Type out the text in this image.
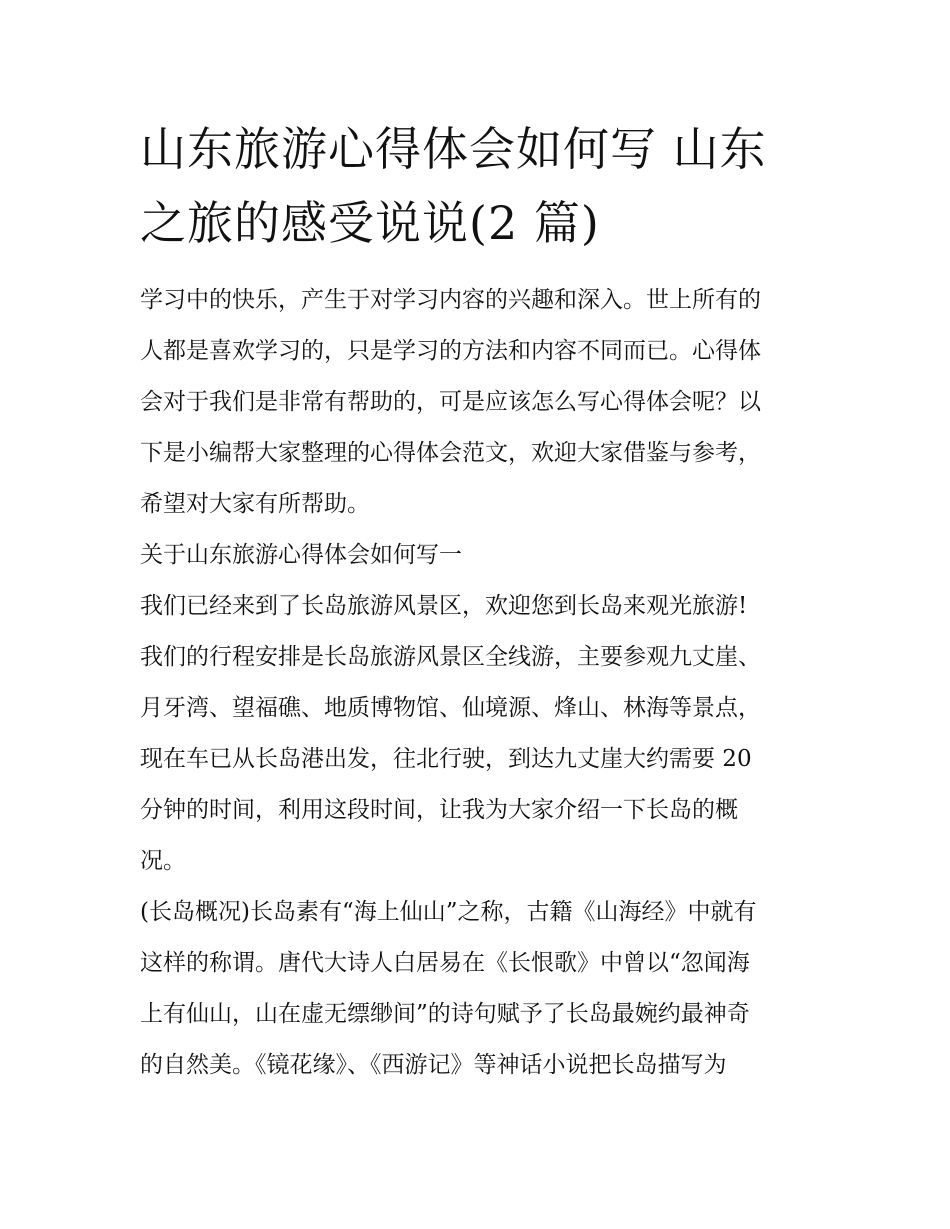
山东旅游心得体会如何写 山东
之旅的感受说说(2 篇)
学习中的快乐，产生于对学习内容的兴趣和深入。世上所有的
人都是喜欢学习的，只是学习的方法和内容不同而已。心得体
会对于我们是非常有帮助的，可是应该怎么写心得体会呢？以
下是小编帮大家整理的心得体会范文，欢迎大家借鉴与参考，
希望对大家有所帮助。
关于山东旅游心得体会如何写一
我们已经来到了长岛旅游风景区，欢迎您到长岛来观光旅游!
我们的行程安排是长岛旅游风景区全线游，主要参观九丈崖、
月牙湾、望福礁、地质博物馆、仙境源、烽山、林海等景点，
现在车已从长岛港出发，往北行驶，到达九丈崖大约需要 20
分钟的时间，利用这段时间，让我为大家介绍一下长岛的概
况。
(长岛概况)长岛素有“海上仙山”之称，古籍《山海经》中就有
这样的称谓。唐代大诗人白居易在《长恨歌》中曾以“忽闻海
上有仙山，山在虚无缥缈间”的诗句赋予了长岛最婉约最神奇
的自然美。《镜花缘》、《西游记》等神话小说把长岛描写为
